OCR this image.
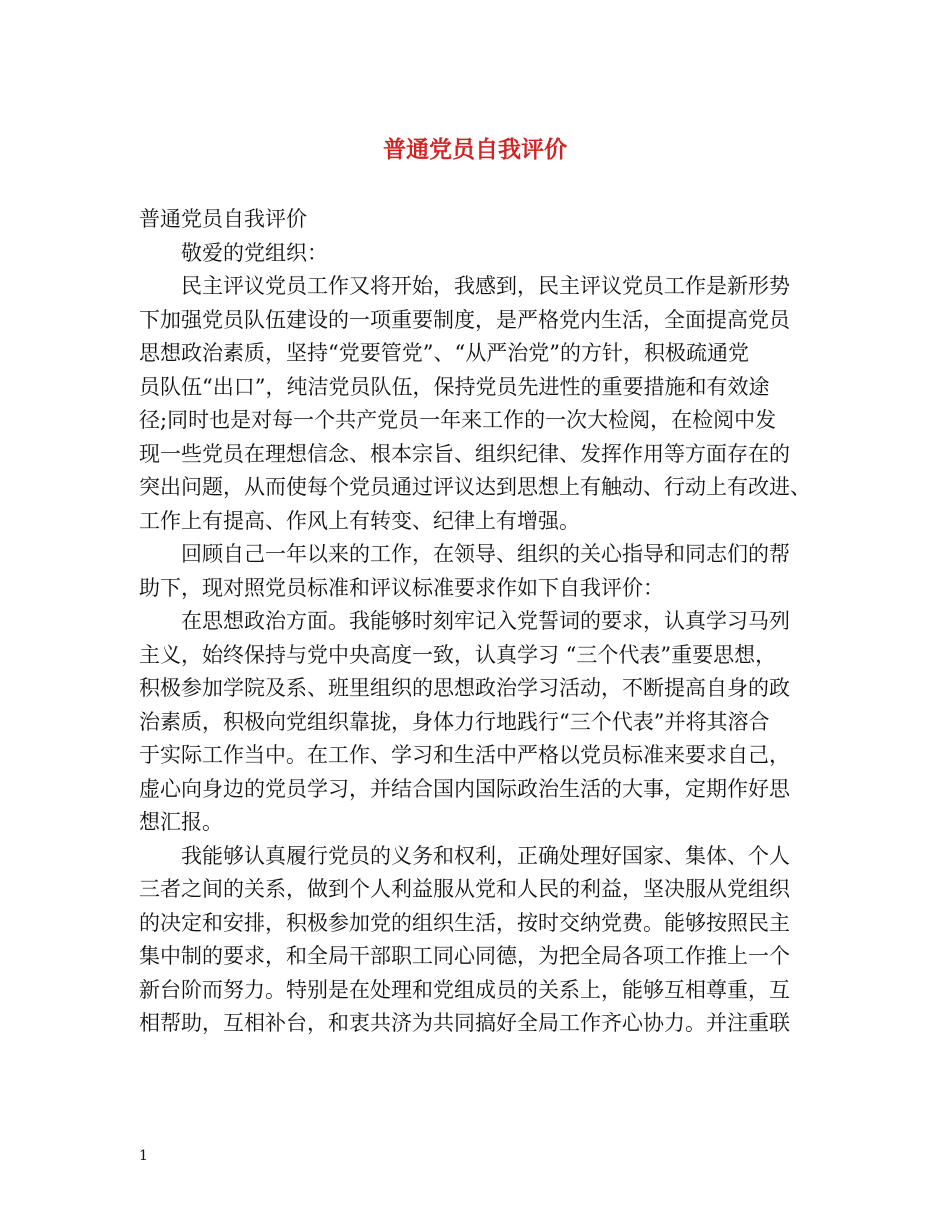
普通党员自我评价
普通党员自我评价
　　敬爱的党组织：
　　民主评议党员工作又将开始，我感到，民主评议党员工作是新形势
下加强党员队伍建设的一项重要制度，是严格党内生活，全面提高党员
思想政治素质，坚持“党要管党”、“从严治党”的方针，积极疏通党
员队伍“出口”，纯洁党员队伍，保持党员先进性的重要措施和有效途
径;同时也是对每一个共产党员一年来工作的一次大检阅，在检阅中发
现一些党员在理想信念、根本宗旨、组织纪律、发挥作用等方面存在的
突出问题，从而使每个党员通过评议达到思想上有触动、行动上有改进、
工作上有提高、作风上有转变、纪律上有增强。
　　回顾自己一年以来的工作，在领导、组织的关心指导和同志们的帮
助下，现对照党员标准和评议标准要求作如下自我评价：
　　在思想政治方面。我能够时刻牢记入党誓词的要求，认真学习马列
主义，始终保持与党中央高度一致，认真学习 “三个代表”重要思想，
积极参加学院及系、班里组织的思想政治学习活动，不断提高自身的政
治素质，积极向党组织靠拢，身体力行地践行“三个代表”并将其溶合
于实际工作当中。在工作、学习和生活中严格以党员标准来要求自己，
虚心向身边的党员学习，并结合国内国际政治生活的大事，定期作好思
想汇报。
　　我能够认真履行党员的义务和权利，正确处理好国家、集体、个人
三者之间的关系，做到个人利益服从党和人民的利益，坚决服从党组织
的决定和安排，积极参加党的组织生活，按时交纳党费。能够按照民主
集中制的要求，和全局干部职工同心同德，为把全局各项工作推上一个
新台阶而努力。特别是在处理和党组成员的关系上，能够互相尊重，互
相帮助，互相补台，和衷共济为共同搞好全局工作齐心协力。并注重联
1
